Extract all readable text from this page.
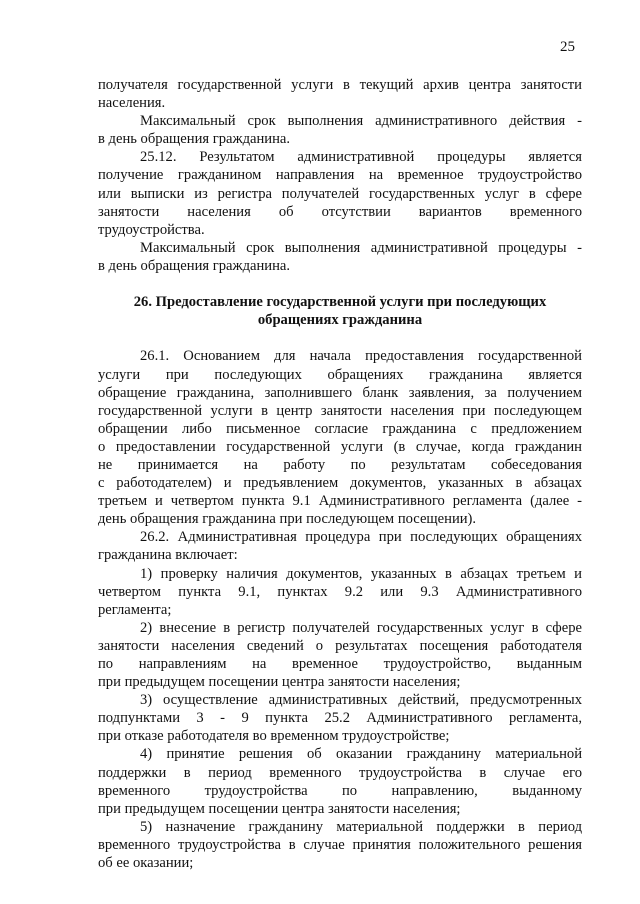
25
получателя государственной услуги в текущий архив центра занятости
населения.
Максимальный срок выполнения административного действия -
в день обращения гражданина.
25.12. Результатом административной процедуры является
получение гражданином направления на временное трудоустройство
или выписки из регистра получателей государственных услуг в сфере
занятости населения об отсутствии вариантов временного
трудоустройства.
Максимальный срок выполнения административной процедуры -
в день обращения гражданина.
26. Предоставление государственной услуги при последующих
обращениях гражданина
26.1. Основанием для начала предоставления государственной
услуги при последующих обращениях гражданина является
обращение гражданина, заполнившего бланк заявления, за получением
государственной услуги в центр занятости населения при последующем
обращении либо письменное согласие гражданина с предложением
о предоставлении государственной услуги (в случае, когда гражданин
не принимается на работу по результатам собеседования
с работодателем) и предъявлением документов, указанных в абзацах
третьем и четвертом пункта 9.1 Административного регламента (далее -
день обращения гражданина при последующем посещении).
26.2. Административная процедура при последующих обращениях
гражданина включает:
1) проверку наличия документов, указанных в абзацах третьем и
четвертом пункта 9.1, пунктах 9.2 или 9.3 Административного
регламента;
2) внесение в регистр получателей государственных услуг в сфере
занятости населения сведений о результатах посещения работодателя
по направлениям на временное трудоустройство, выданным
при предыдущем посещении центра занятости населения;
3) осуществление административных действий, предусмотренных
подпунктами 3 - 9 пункта 25.2 Административного регламента,
при отказе работодателя во временном трудоустройстве;
4) принятие решения об оказании гражданину материальной
поддержки в период временного трудоустройства в случае его
временного трудоустройства по направлению, выданному
при предыдущем посещении центра занятости населения;
5) назначение гражданину материальной поддержки в период
временного трудоустройства в случае принятия положительного решения
об ее оказании;
